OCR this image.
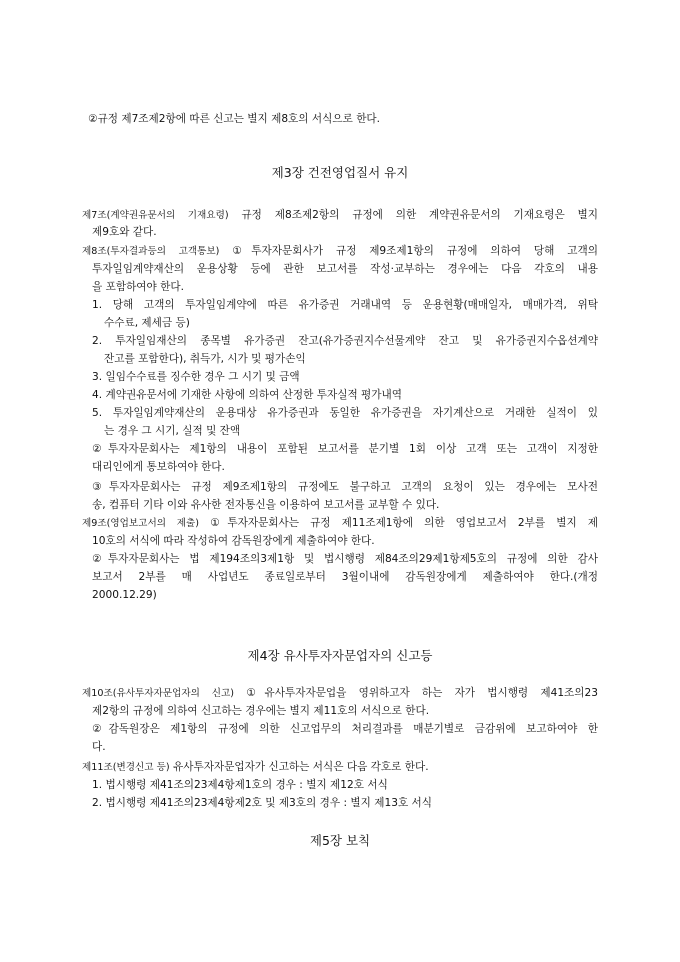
②규정 제7조제2항에 따른 신고는 별지 제8호의 서식으로 한다.
제3장 건전영업질서 유지
제7조(계약권유문서의 기재요령) 규정 제8조제2항의 규정에 의한 계약권유문서의 기재요령은 별지
제9호와 같다.
제8조(투자결과등의 고객통보) ①투자자문회사가 규정 제9조제1항의 규정에 의하여 당해 고객의
투자일임계약재산의 운용상황 등에 관한 보고서를 작성·교부하는 경우에는 다음 각호의 내용
을 포함하여야 한다.
1. 당해 고객의 투자일임계약에 따른 유가증권 거래내역 등 운용현황(매매일자, 매매가격, 위탁
수수료, 제세금 등)
2. 투자일임재산의 종목별 유가증권 잔고(유가증권지수선물계약 잔고 및 유가증권지수옵션계약
잔고를 포함한다), 취득가, 시가 및 평가손익
3. 일임수수료를 징수한 경우 그 시기 및 금액
4. 계약권유문서에 기재한 사항에 의하여 산정한 투자실적 평가내역
5. 투자일임계약재산의 운용대상 유가증권과 동일한 유가증권을 자기계산으로 거래한 실적이 있
는 경우 그 시기, 실적 및 잔액
②투자자문회사는 제1항의 내용이 포함된 보고서를 분기별 1회 이상 고객 또는 고객이 지정한
대리인에게 통보하여야 한다.
③투자자문회사는 규정 제9조제1항의 규정에도 불구하고 고객의 요청이 있는 경우에는 모사전
송, 컴퓨터 기타 이와 유사한 전자통신을 이용하여 보고서를 교부할 수 있다.
제9조(영업보고서의 제출) ①투자자문회사는 규정 제11조제1항에 의한 영업보고서 2부를 별지 제
10호의 서식에 따라 작성하여 감독원장에게 제출하여야 한다.
②투자자문회사는 법 제194조의3제1항 및 법시행령 제84조의29제1항제5호의 규정에 의한 감사
보고서 2부를 매 사업년도 종료일로부터 3월이내에 감독원장에게 제출하여야 한다.(개정
2000.12.29)
제4장 유사투자자문업자의 신고등
제10조(유사투자자문업자의 신고) ①유사투자자문업을 영위하고자 하는 자가 법시행령 제41조의23
제2항의 규정에 의하여 신고하는 경우에는 별지 제11호의 서식으로 한다.
②감독원장은 제1항의 규정에 의한 신고업무의 처리결과를 매분기별로 금감위에 보고하여야 한
다.
제11조(변경신고 등) 유사투자자문업자가 신고하는 서식은 다음 각호로 한다.
1. 법시행령 제41조의23제4항제1호의 경우 : 별지 제12호 서식
2. 법시행령 제41조의23제4항제2호 및 제3호의 경우 : 별지 제13호 서식
제5장 보칙
